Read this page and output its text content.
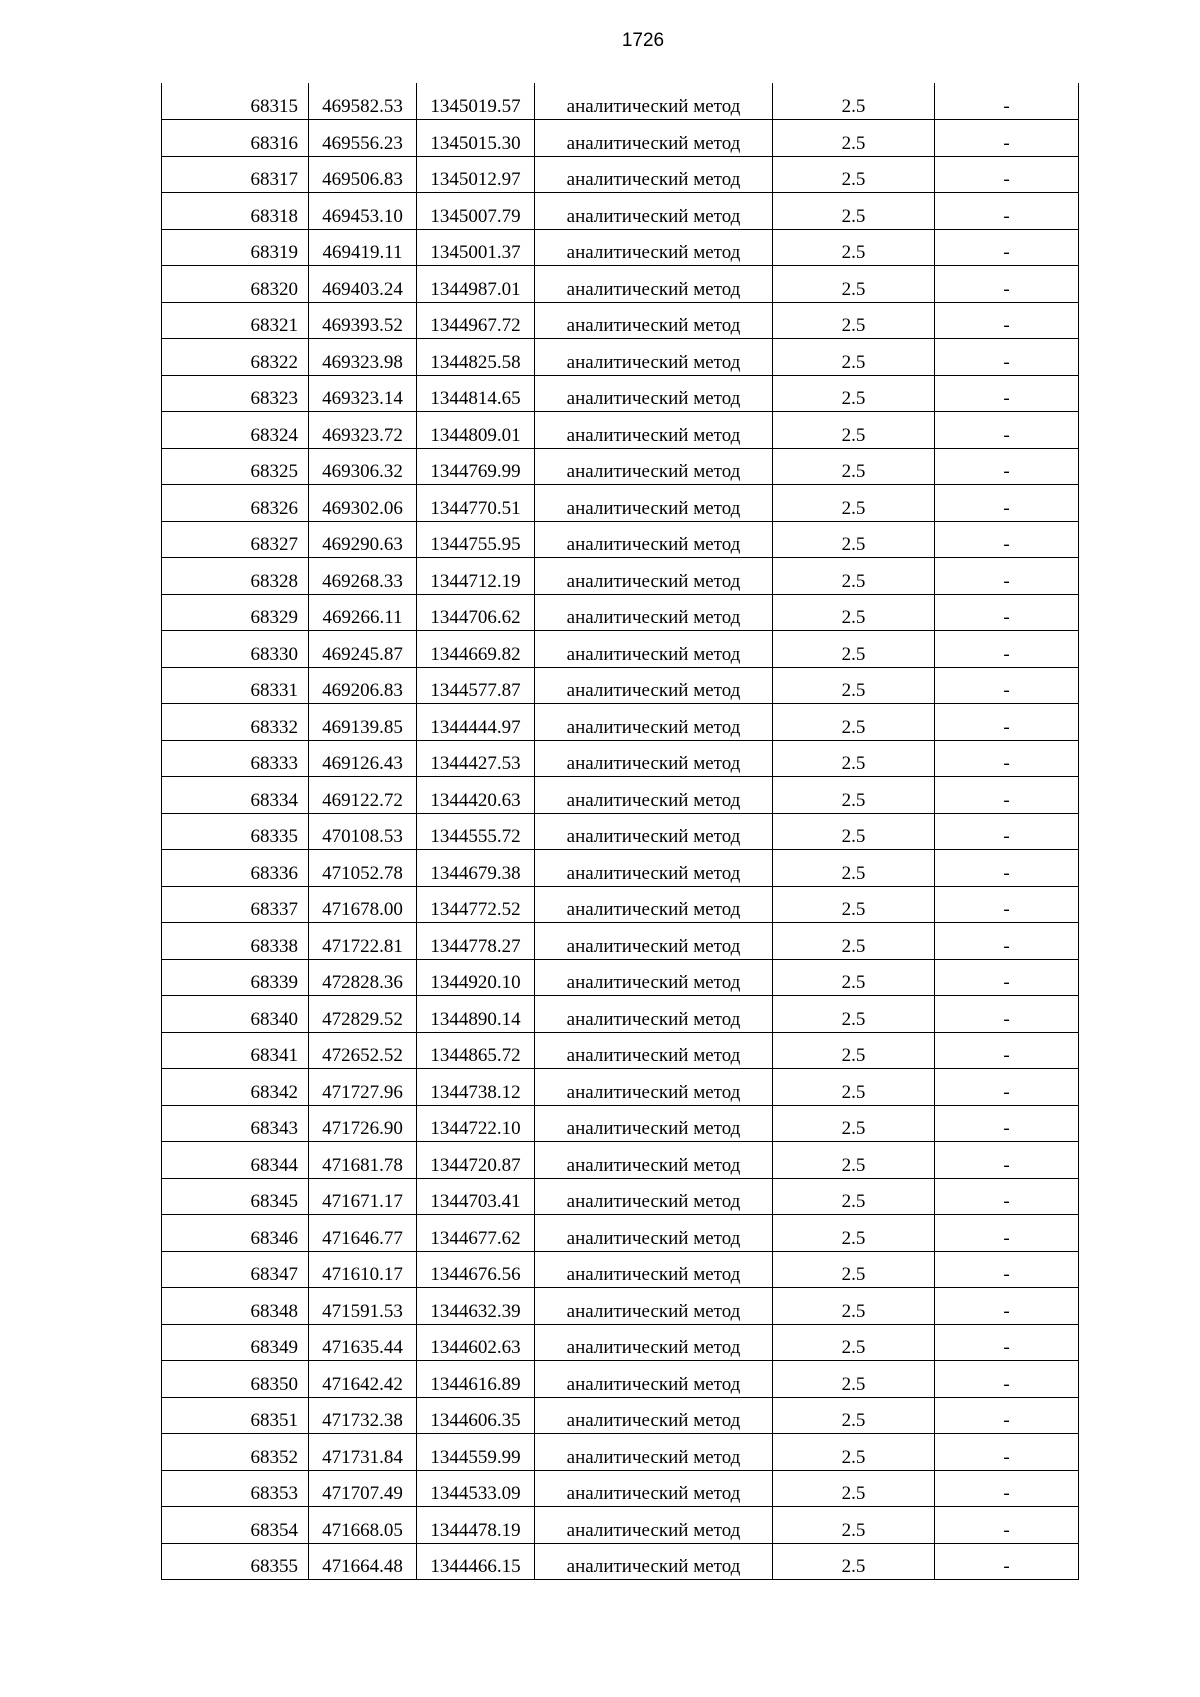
1726
68315	469582.53	1345019.57	аналитический метод	2.5	-

68316	469556.23	1345015.30	аналитический метод	2.5	-

68317	469506.83	1345012.97	аналитический метод	2.5	-

68318	469453.10	1345007.79	аналитический метод	2.5	-

68319	469419.11	1345001.37	аналитический метод	2.5	-

68320	469403.24	1344987.01	аналитический метод	2.5	-

68321	469393.52	1344967.72	аналитический метод	2.5	-

68322	469323.98	1344825.58	аналитический метод	2.5	-

68323	469323.14	1344814.65	аналитический метод	2.5	-

68324	469323.72	1344809.01	аналитический метод	2.5	-

68325	469306.32	1344769.99	аналитический метод	2.5	-

68326	469302.06	1344770.51	аналитический метод	2.5	-

68327	469290.63	1344755.95	аналитический метод	2.5	-

68328	469268.33	1344712.19	аналитический метод	2.5	-

68329	469266.11	1344706.62	аналитический метод	2.5	-

68330	469245.87	1344669.82	аналитический метод	2.5	-

68331	469206.83	1344577.87	аналитический метод	2.5	-

68332	469139.85	1344444.97	аналитический метод	2.5	-

68333	469126.43	1344427.53	аналитический метод	2.5	-

68334	469122.72	1344420.63	аналитический метод	2.5	-

68335	470108.53	1344555.72	аналитический метод	2.5	-

68336	471052.78	1344679.38	аналитический метод	2.5	-

68337	471678.00	1344772.52	аналитический метод	2.5	-

68338	471722.81	1344778.27	аналитический метод	2.5	-

68339	472828.36	1344920.10	аналитический метод	2.5	-

68340	472829.52	1344890.14	аналитический метод	2.5	-

68341	472652.52	1344865.72	аналитический метод	2.5	-

68342	471727.96	1344738.12	аналитический метод	2.5	-

68343	471726.90	1344722.10	аналитический метод	2.5	-

68344	471681.78	1344720.87	аналитический метод	2.5	-

68345	471671.17	1344703.41	аналитический метод	2.5	-

68346	471646.77	1344677.62	аналитический метод	2.5	-

68347	471610.17	1344676.56	аналитический метод	2.5	-

68348	471591.53	1344632.39	аналитический метод	2.5	-

68349	471635.44	1344602.63	аналитический метод	2.5	-

68350	471642.42	1344616.89	аналитический метод	2.5	-

68351	471732.38	1344606.35	аналитический метод	2.5	-

68352	471731.84	1344559.99	аналитический метод	2.5	-

68353	471707.49	1344533.09	аналитический метод	2.5	-

68354	471668.05	1344478.19	аналитический метод	2.5	-

68355	471664.48	1344466.15	аналитический метод	2.5	-
